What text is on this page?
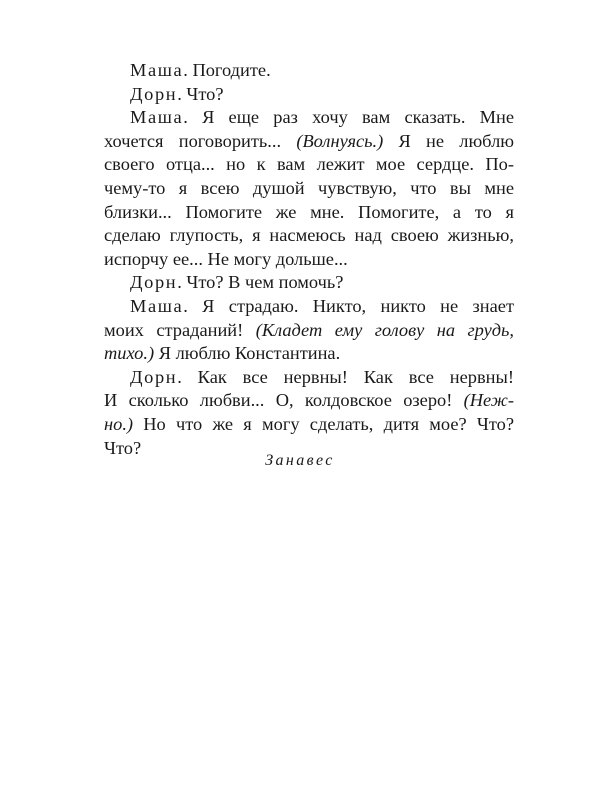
Маша. Погодите.
Дорн. Что?
Маша. Я еще раз хочу вам сказать. Мне
хочется поговорить... (Волнуясь.) Я не люблю
своего отца... но к вам лежит мое сердце. По-
чему-то я всею душой чувствую, что вы мне
близки... Помогите же мне. Помогите, а то я
сделаю глупость, я насмеюсь над своею жизнью,
испорчу ее... Не могу дольше...
Дорн. Что? В чем помочь?
Маша. Я страдаю. Никто, никто не знает
моих страданий! (Кладет ему голову на грудь,
тихо.) Я люблю Константина.
Дорн. Как все нервны! Как все нервны!
И сколько любви... О, колдовское озеро! (Неж-
но.) Но что же я могу сделать, дитя мое? Что?
Что?
Занавес
